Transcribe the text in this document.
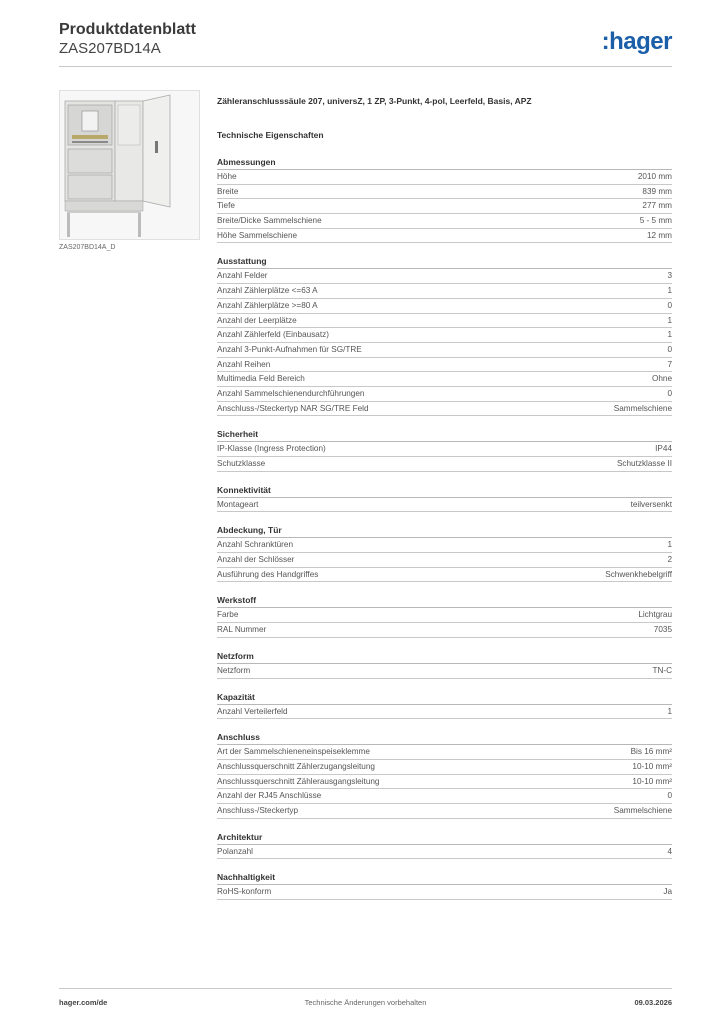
Produktdatenblatt
ZAS207BD14A	:hager
ZAS207BD14A_D
Zähleranschlusssäule 207, universZ, 1 ZP, 3-Punkt, 4-pol, Leerfeld, Basis, APZ
Technische Eigenschaften
Abmessungen
Höhe	2010 mm
Breite	839 mm
Tiefe	277 mm
Breite/Dicke Sammelschiene	5 - 5 mm
Höhe Sammelschiene	12 mm
Ausstattung
Anzahl Felder	3
Anzahl Zählerplätze <=63 A	1
Anzahl Zählerplätze >=80 A	0
Anzahl der Leerplätze	1
Anzahl Zählerfeld (Einbausatz)	1
Anzahl 3-Punkt-Aufnahmen für SG/TRE	0
Anzahl Reihen	7
Multimedia Feld Bereich	Ohne
Anzahl Sammelschienendurchführungen	0
Anschluss-/Steckertyp NAR SG/TRE Feld	Sammelschiene
Sicherheit
IP-Klasse (Ingress Protection)	IP44
Schutzklasse	Schutzklasse II
Konnektivität
Montageart	teilversenkt
Abdeckung, Tür
Anzahl Schranktüren	1
Anzahl der Schlösser	2
Ausführung des Handgriffes	Schwenkhebelgriff
Werkstoff
Farbe	Lichtgrau
RAL Nummer	7035
Netzform
Netzform	TN-C
Kapazität
Anzahl Verteilerfeld	1
Anschluss
Art der Sammelschieneneinspeiseklemme	Bis 16 mm²
Anschlussquerschnitt Zählerzugangsleitung	10-10 mm²
Anschlussquerschnitt Zählerausgangsleitung	10-10 mm²
Anzahl der RJ45 Anschlüsse	0
Anschluss-/Steckertyp	Sammelschiene
Architektur
Polanzahl	4
Nachhaltigkeit
RoHS-konform	Ja
hager.com/de	Technische Änderungen vorbehalten	09.03.2026
